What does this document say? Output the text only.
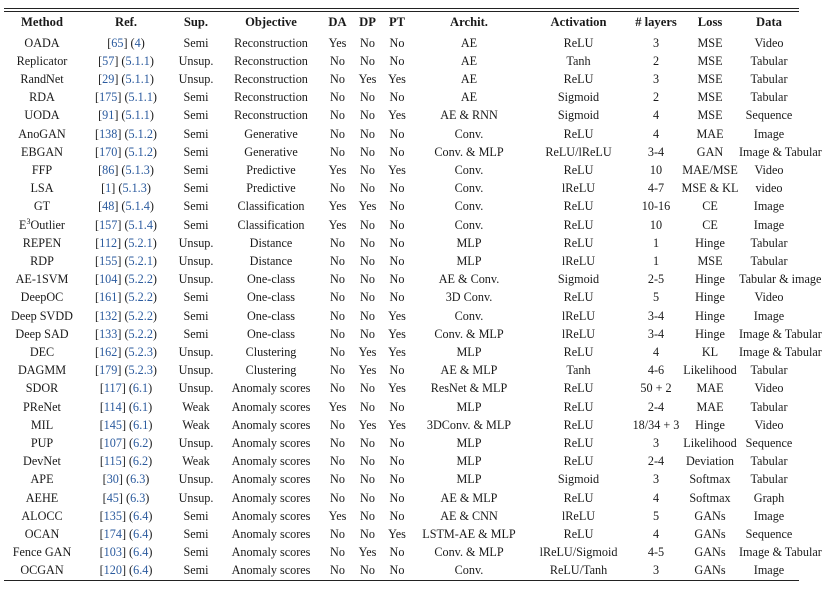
Method	Ref.	Sup.	Objective	DA	DP	PT	Archit.	Activation	# layers	Loss	Data
OADA	[65] (4)	Semi	Reconstruction	Yes	No	No	AE	ReLU	3	MSE	Video
Replicator	[57] (5.1.1)	Unsup.	Reconstruction	No	No	No	AE	Tanh	2	MSE	Tabular
RandNet	[29] (5.1.1)	Unsup.	Reconstruction	No	Yes	Yes	AE	ReLU	3	MSE	Tabular
RDA	[175] (5.1.1)	Semi	Reconstruction	No	No	No	AE	Sigmoid	2	MSE	Tabular
UODA	[91] (5.1.1)	Semi	Reconstruction	No	No	Yes	AE & RNN	Sigmoid	4	MSE	Sequence
AnoGAN	[138] (5.1.2)	Semi	Generative	No	No	No	Conv.	ReLU	4	MAE	Image
EBGAN	[170] (5.1.2)	Semi	Generative	No	No	No	Conv. & MLP	ReLU/lReLU	3-4	GAN	Image & Tabular
FFP	[86] (5.1.3)	Semi	Predictive	Yes	No	Yes	Conv.	ReLU	10	MAE/MSE	Video
LSA	[1] (5.1.3)	Semi	Predictive	No	No	No	Conv.	lReLU	4-7	MSE & KL	video
GT	[48] (5.1.4)	Semi	Classification	Yes	Yes	No	Conv.	ReLU	10-16	CE	Image
$E^3Outlier$	[157] (5.1.4)	Semi	Classification	Yes	No	No	Conv.	ReLU	10	CE	Image
REPEN	[112] (5.2.1)	Unsup.	Distance	No	No	No	MLP	ReLU	1	Hinge	Tabular
RDP	[155] (5.2.1)	Unsup.	Distance	No	No	No	MLP	lReLU	1	MSE	Tabular
AE-1SVM	[104] (5.2.2)	Unsup.	One-class	No	No	No	AE & Conv.	Sigmoid	2-5	Hinge	Tabular & image
DeepOC	[161] (5.2.2)	Semi	One-class	No	No	No	3D Conv.	ReLU	5	Hinge	Video
Deep SVDD	[132] (5.2.2)	Semi	One-class	No	No	Yes	Conv.	lReLU	3-4	Hinge	Image
Deep SAD	[133] (5.2.2)	Semi	One-class	No	No	Yes	Conv. & MLP	lReLU	3-4	Hinge	Image & Tabular
DEC	[162] (5.2.3)	Unsup.	Clustering	No	Yes	Yes	MLP	ReLU	4	KL	Image & Tabular
DAGMM	[179] (5.2.3)	Unsup.	Clustering	No	Yes	No	AE & MLP	Tanh	4-6	Likelihood	Tabular
SDOR	[117] (6.1)	Unsup.	Anomaly scores	No	No	Yes	ResNet & MLP	ReLU	50 + 2	MAE	Video
PReNet	[114] (6.1)	Weak	Anomaly scores	Yes	No	No	MLP	ReLU	2-4	MAE	Tabular
MIL	[145] (6.1)	Weak	Anomaly scores	No	Yes	Yes	3DConv. & MLP	ReLU	18/34 + 3	Hinge	Video
PUP	[107] (6.2)	Unsup.	Anomaly scores	No	No	No	MLP	ReLU	3	Likelihood	Sequence
DevNet	[115] (6.2)	Weak	Anomaly scores	No	No	No	MLP	ReLU	2-4	Deviation	Tabular
APE	[30] (6.3)	Unsup.	Anomaly scores	No	No	No	MLP	Sigmoid	3	Softmax	Tabular
AEHE	[45] (6.3)	Unsup.	Anomaly scores	No	No	No	AE & MLP	ReLU	4	Softmax	Graph
ALOCC	[135] (6.4)	Semi	Anomaly scores	Yes	No	No	AE & CNN	lReLU	5	GANs	Image
OCAN	[174] (6.4)	Semi	Anomaly scores	No	No	Yes	LSTM-AE & MLP	ReLU	4	GANs	Sequence
Fence GAN	[103] (6.4)	Semi	Anomaly scores	No	Yes	No	Conv. & MLP	lReLU/Sigmoid	4-5	GANs	Image & Tabular
OCGAN	[120] (6.4)	Semi	Anomaly scores	No	No	No	Conv.	ReLU/Tanh	3	GANs	Image
